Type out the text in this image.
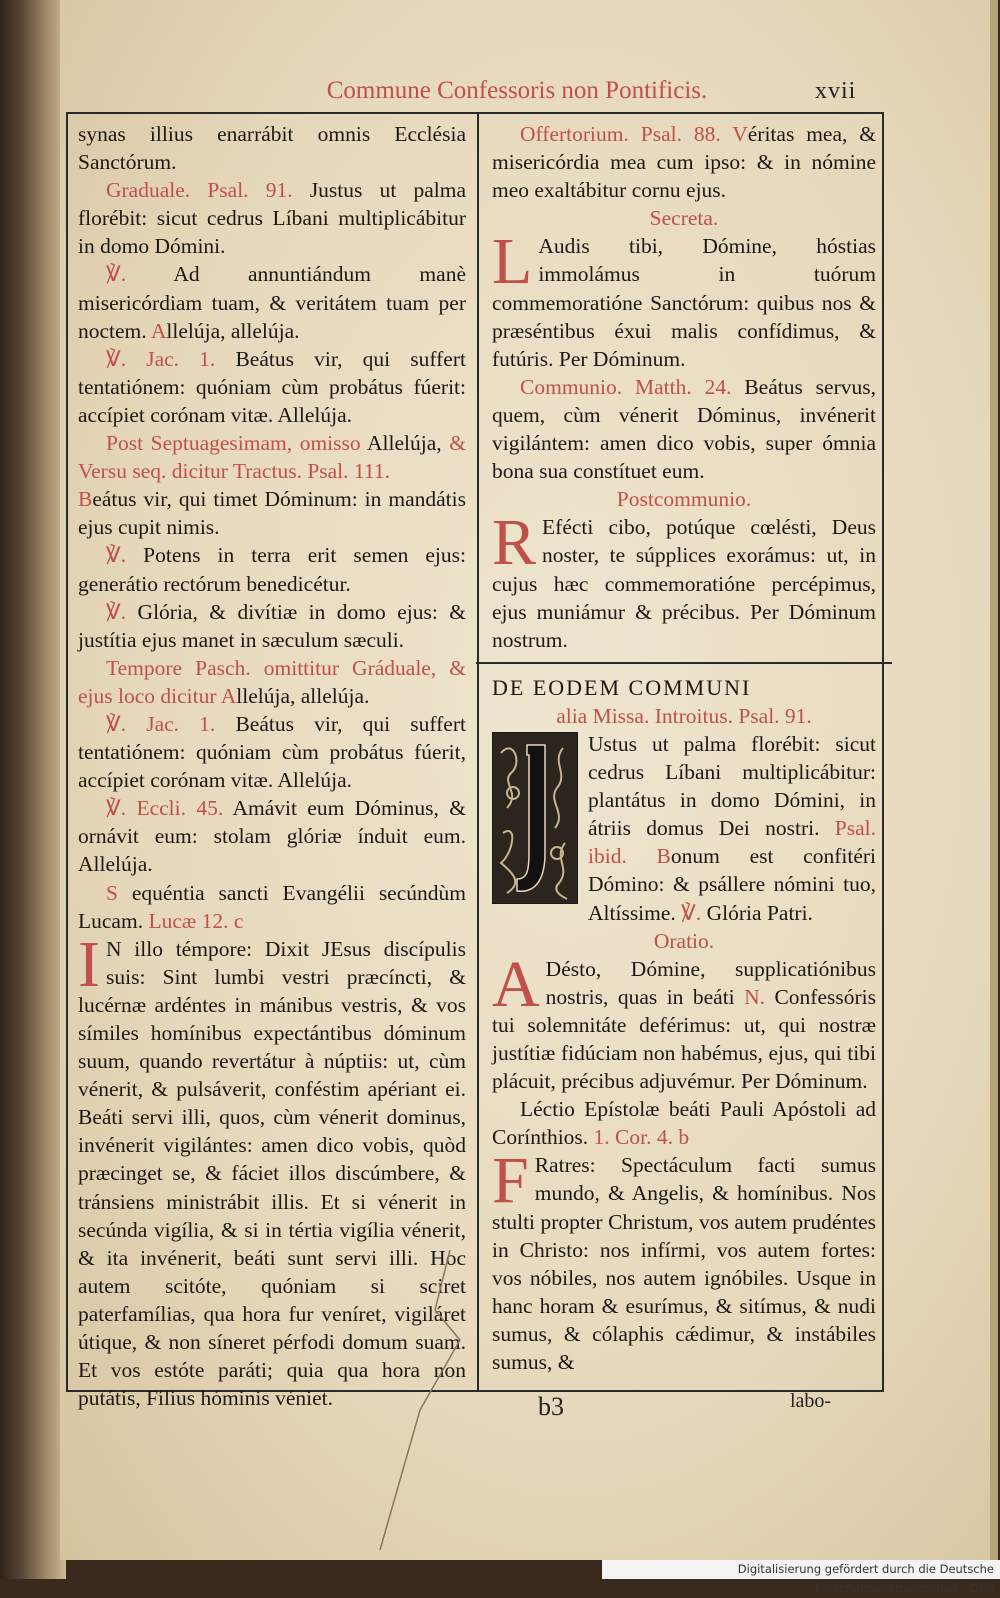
Commune Confessoris non Pontificis.	xvii

synas illius enarrábit omnis Ecclésia Sanctórum.

Graduale. Psal. 91. Justus ut palma florébit: sicut cedrus Líbani multiplicábitur in domo Dómini.

℣. Ad annuntiándum manè misericórdiam tuam, & veritátem tuam per noctem. Allelúja, allelúja.

℣. Jac. 1. Beátus vir, qui suffert tentatiónem: quóniam cùm probátus fúerit: accípiet corónam vitæ. Allelúja.

Post Septuagesimam, omisso Allelúja, & Versu seq. dicitur Tractus. Psal. 111.

Beátus vir, qui timet Dóminum: in mandátis ejus cupit nimis.

℣. Potens in terra erit semen ejus: generátio rectórum benedicétur.

℣. Glória, & divítiæ in domo ejus: & justítia ejus manet in sæculum sæculi.

Tempore Pasch. omittitur Gráduale, & ejus loco dicitur Allelúja, allelúja.

℣. Jac. 1. Beátus vir, qui suffert tentatiónem: quóniam cùm probátus fúerit, accípiet corónam vitæ. Allelúja.

℣. Eccli. 45. Amávit eum Dóminus, & ornávit eum: stolam glóriæ índuit eum. Allelúja.

S equéntia sancti Evangélii secúndùm Lucam. Lucæ 12. c

I N illo témpore: Dixit JEsus discípulis suis: Sint lumbi vestri præcíncti, & lucérnæ ardéntes in mánibus vestris, & vos símiles homínibus expectántibus dóminum suum, quando revertátur à núptiis: ut, cùm vénerit, & pulsáverit, conféstim apériant ei. Beáti servi illi, quos, cùm vénerit dominus, invénerit vigilántes: amen dico vobis, quòd præcinget se, & fáciet illos discúmbere, & tránsiens ministrábit illis. Et si vénerit in secúnda vigília, & si in tértia vigília vénerit, & ita invénerit, beáti sunt servi illi. Hoc autem scitóte, quóniam si sciret paterfamílias, qua hora fur veníret, vigiláret útique, & non síneret pérfodi domum suam. Et vos estóte paráti; quia qua hora non putátis, Fílius hóminis véniet.

Offertorium. Psal. 88. Véritas mea, & misericórdia mea cum ipso: & in nómine meo exaltábitur cornu ejus.

Secreta.

L Audis tibi, Dómine, hóstias immolámus in tuórum commemoratióne Sanctórum: quibus nos & præséntibus éxui malis confídimus, & futúris. Per Dóminum.

Communio. Matth. 24. Beátus servus, quem, cùm vénerit Dóminus, invénerit vigilántem: amen dico vobis, super ómnia bona sua constítuet eum.

Postcommunio.

R Efécti cibo, potúque cœlésti, Deus noster, te súpplices exorámus: ut, in cujus hæc commemoratióne percépimus, ejus muniámur & précibus. Per Dóminum nostrum.

DE EODEM COMMUNI

alia Missa. Introitus. Psal. 91.

Ustus ut palma florébit: sicut cedrus Líbani multiplicábitur: plantátus in domo Dómini, in átriis domus Dei nostri. Psal. ibid. Bonum est confitéri Dómino: & psállere nómini tuo, Altíssime. ℣. Glória Patri.

Oratio.

A Désto, Dómine, supplicatiónibus nostris, quas in beáti N. Confessóris tui solemnitáte deférimus: ut, qui nostræ justítiæ fidúciam non habémus, ejus, qui tibi plácuit, précibus adjuvémur. Per Dóminum.

Léctio Epístolæ beáti Pauli Apóstoli ad Corínthios. 1. Cor. 4. b

F Ratres: Spectáculum facti sumus mundo, & Angelis, & homínibus. Nos stulti propter Christum, vos autem prudéntes in Christo: nos infírmi, vos autem fortes: vos nóbiles, nos autem ignóbiles. Usque in hanc horam & esurímus, & sitímus, & nudi sumus, & cólaphis cǽdimur, & instábiles sumus, &

b3	labo-
Digitalisierung gefördert durch die Deutsche Forschungsgemeinschaft · DFG
